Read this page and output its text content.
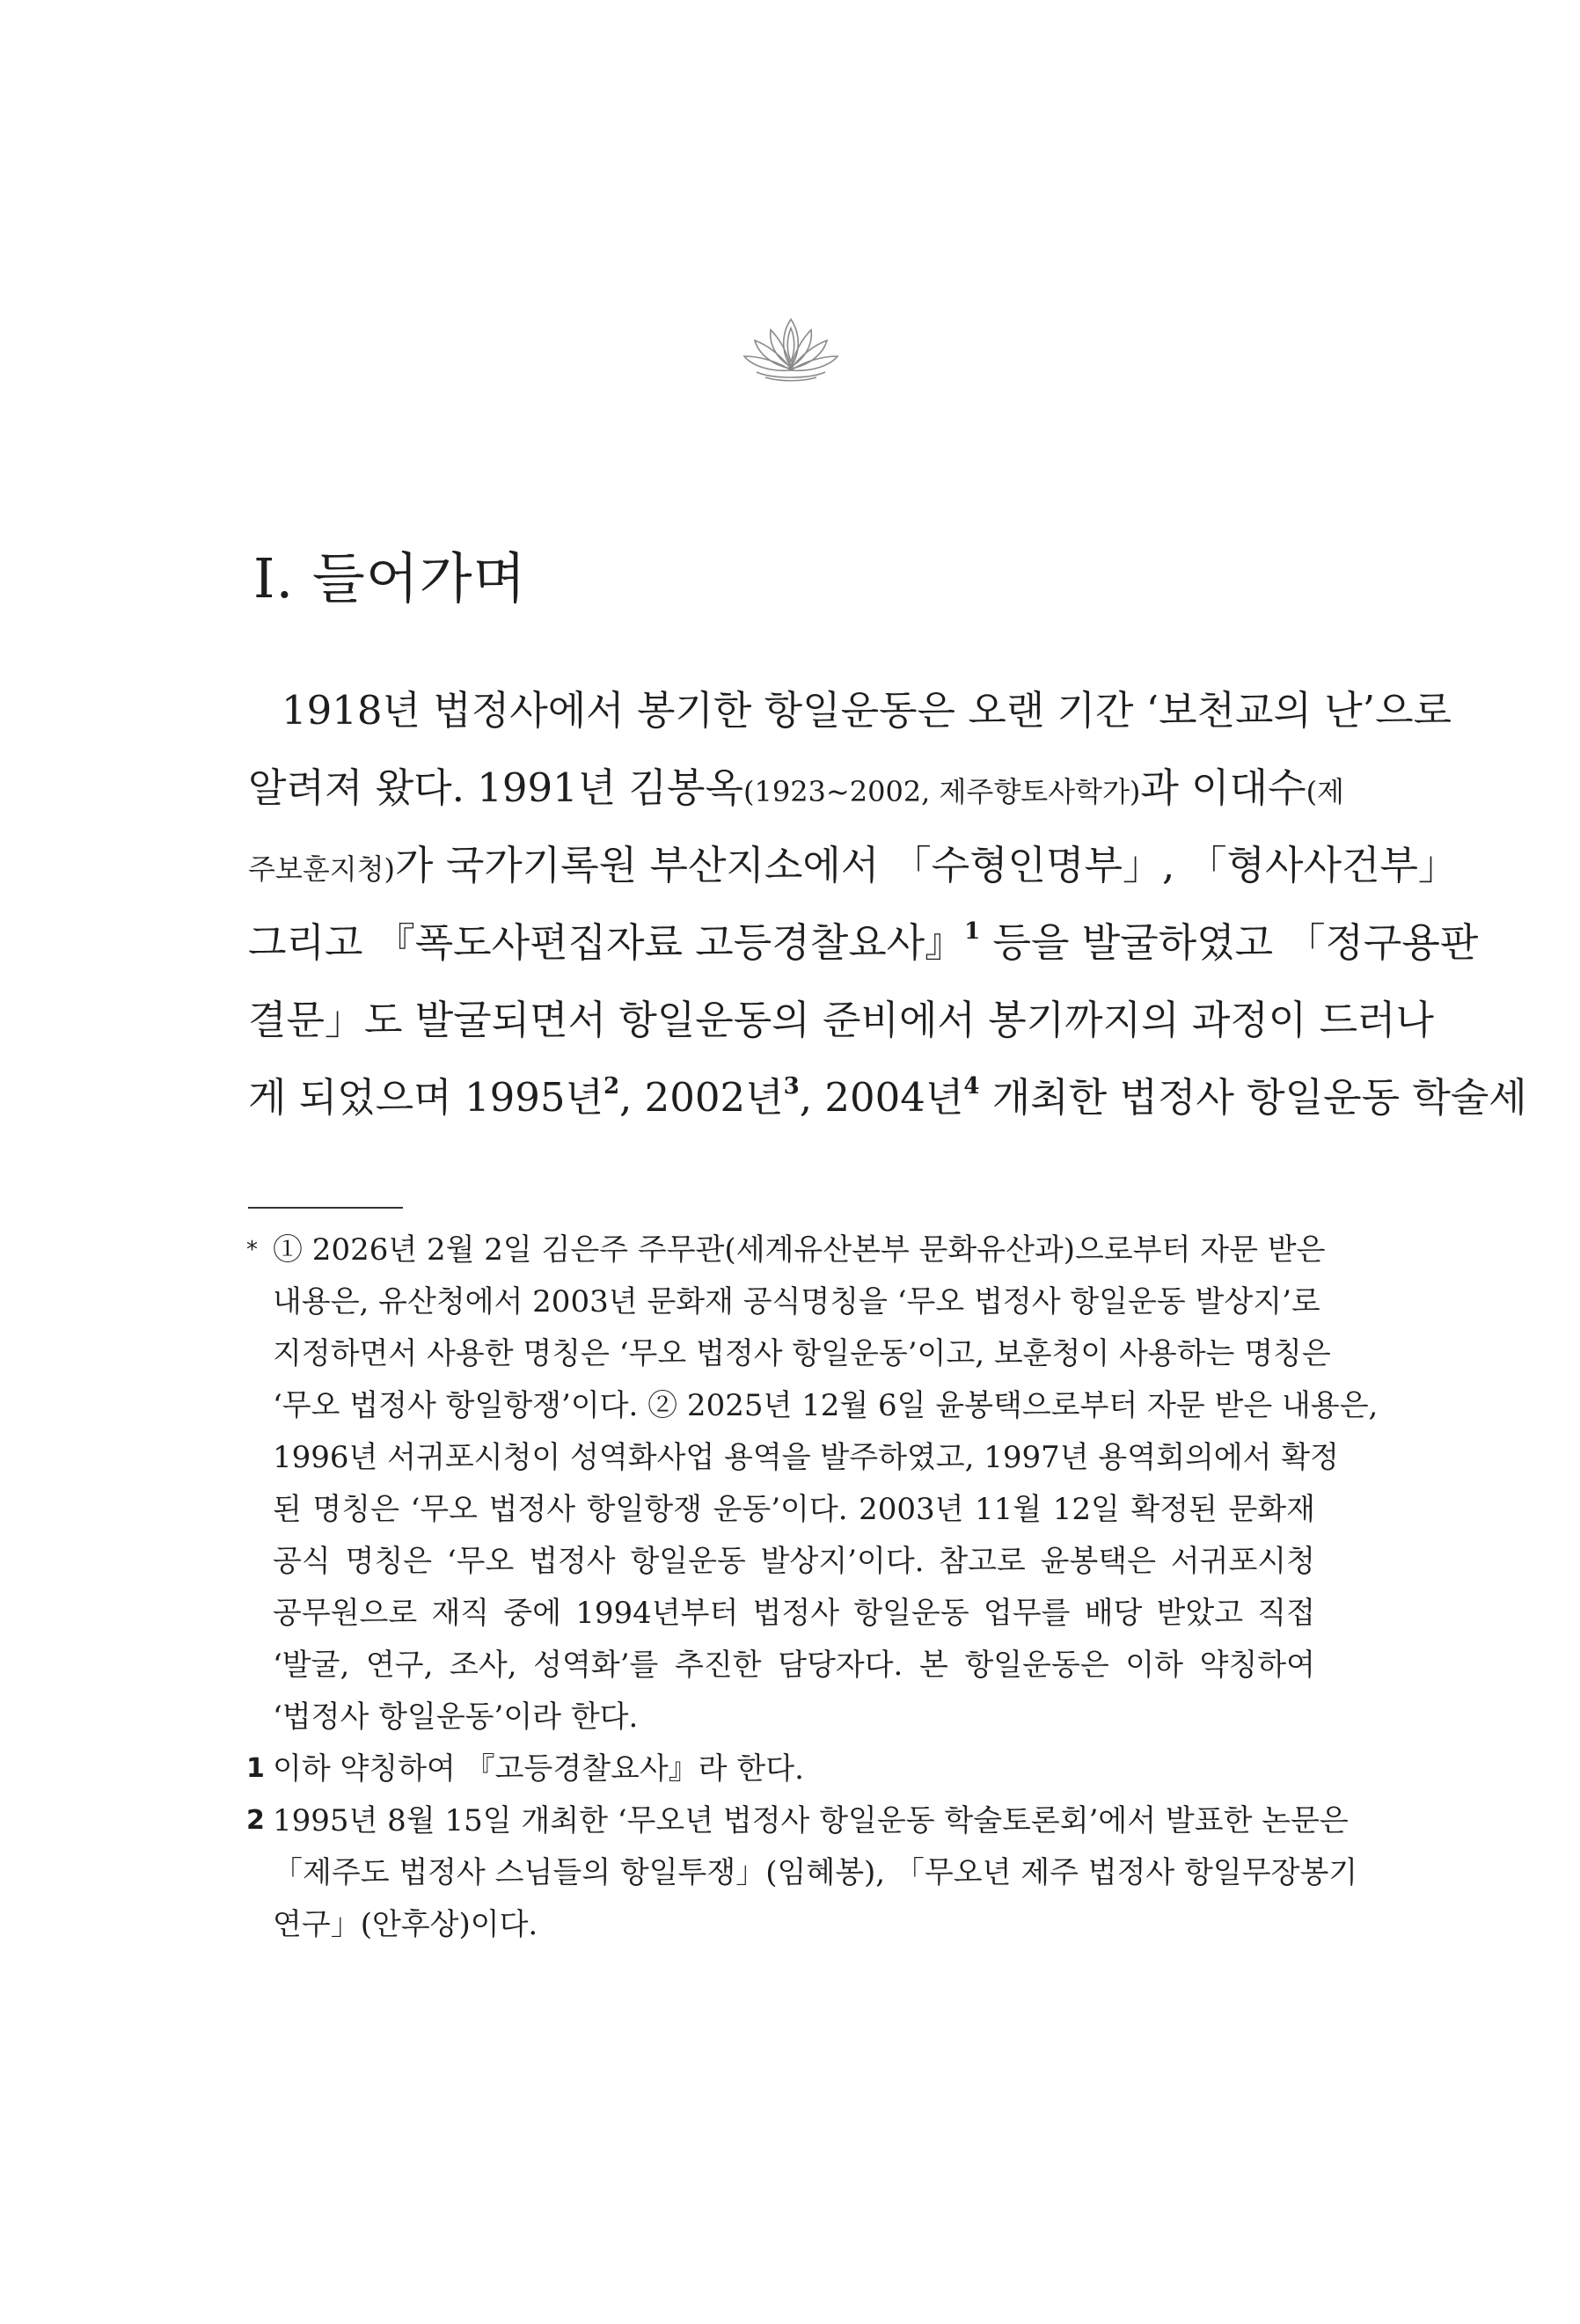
Ⅰ. 들어가며
1918년 법정사에서 봉기한 항일운동은 오랜 기간 ‘보천교의 난’으로
알려져 왔다. 1991년 김봉옥(1923~2002, 제주향토사학가)과 이대수(제
주보훈지청)가 국가기록원 부산지소에서 「수형인명부」, 「형사사건부」
그리고 『폭도사편집자료 고등경찰요사』$^1$ 등을 발굴하였고 「정구용판
결문」도 발굴되면서 항일운동의 준비에서 봉기까지의 과정이 드러나
게 되었으며 1995년$^2$, 2002년$^3$, 2004년$^4$ 개최한 법정사 항일운동 학술세
* ① 2026년 2월 2일 김은주 주무관(세계유산본부 문화유산과)으로부터 자문 받은
내용은, 유산청에서 2003년 문화재 공식명칭을 ‘무오 법정사 항일운동 발상지’로
지정하면서 사용한 명칭은 ‘무오 법정사 항일운동’이고, 보훈청이 사용하는 명칭은
‘무오 법정사 항일항쟁’이다. ② 2025년 12월 6일 윤봉택으로부터 자문 받은 내용은,
1996년 서귀포시청이 성역화사업 용역을 발주하였고, 1997년 용역회의에서 확정
된 명칭은 ‘무오 법정사 항일항쟁 운동’이다. 2003년 11월 12일 확정된 문화재
공식 명칭은 ‘무오 법정사 항일운동 발상지’이다. 참고로 윤봉택은 서귀포시청
공무원으로 재직 중에 1994년부터 법정사 항일운동 업무를 배당 받았고 직접
‘발굴, 연구, 조사, 성역화’를 추진한 담당자다. 본 항일운동은 이하 약칭하여
‘법정사 항일운동’이라 한다.
1 이하 약칭하여 『고등경찰요사』라 한다.
2 1995년 8월 15일 개최한 ‘무오년 법정사 항일운동 학술토론회’에서 발표한 논문은
「제주도 법정사 스님들의 항일투쟁」(임혜봉), 「무오년 제주 법정사 항일무장봉기
연구」(안후상)이다.
